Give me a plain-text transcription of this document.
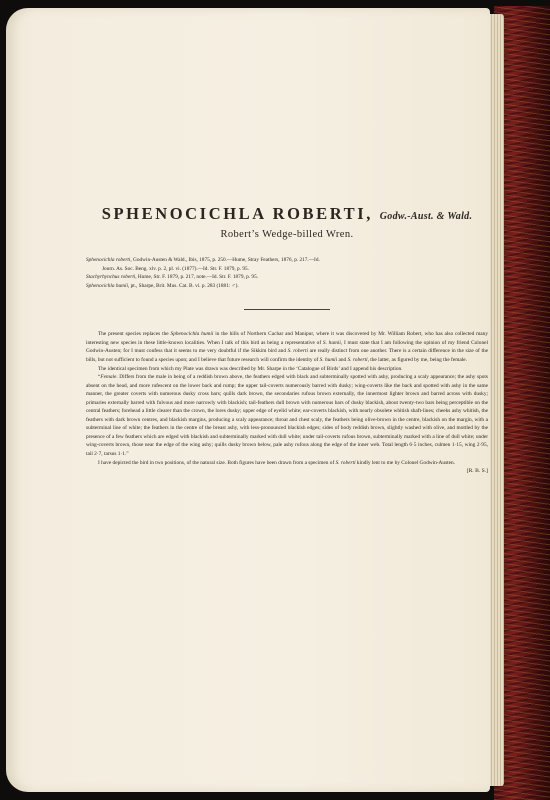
SPHENOCICHLA ROBERTI, Godw.-Aust. & Wald.
Robert’s Wedge-billed Wren.

Sphenocichla roberti, Godwin-Austen & Wald., Ibis, 1875, p. 250.—Hume, Stray Feathers, 1876, p. 217.—Id.

Journ. As. Soc. Beng. xlv. p. 2, pl. vi. (1877).—Id. Str. F. 1879, p. 95.

Stachyrhynchus roberti, Hume, Str. F. 1879, p. 217, note.—Id. Str. F. 1879, p. 95.

Sphenocichla humii, pt., Sharpe, Brit. Mus. Cat. B. vi. p. 283 (1881: ♂).

The present species replaces the Sphenocichla humii in the hills of Northern Cachar and Manipur, where it was discovered by Mr. William Robert, who has also collected many interesting new species in these little-known localities. When I talk of this bird as being a representative of S. humii, I must state that I am following the opinion of my friend Colonel Godwin-Austen; for I must confess that it seems to me very doubtful if the Sikkim bird and S. roberti are really distinct from one another. There is a certain difference in the size of the bills, but not sufficient to found a species upon; and I believe that future research will confirm the identity of S. humii and S. roberti, the latter, as figured by me, being the female.

The identical specimen from which my Plate was drawn was described by Mr. Sharpe in the ‘Catalogue of Birds’ and I append his description.

“Female. Differs from the male in being of a reddish brown above, the feathers edged with black and subterminally spotted with ashy, producing a scaly appearance; the ashy spots absent on the head, and more rufescent on the lower back and rump; the upper tail-coverts numerously barred with dusky; wing-coverts like the back and spotted with ashy in the same manner, the greater coverts with numerous dusky cross bars; quills dark brown, the secondaries rufous brown externally, the innermost lighter brown and barred across with dusky; primaries externally barred with fulvous and more narrowly with blackish; tail-feathers dull brown with numerous bars of dusky blackish, about twenty-two bars being perceptible on the central feathers; forehead a little clearer than the crown, the lores dusky; upper edge of eyelid white; ear-coverts blackish, with nearly obsolete whitish shaft-lines; cheeks ashy whitish, the feathers with dark brown centres, and blackish margins, producing a scaly appearance; throat and chest scaly, the feathers being olive-brown in the centre, blackish on the margin, with a subterminal line of white; the feathers in the centre of the breast ashy, with less-pronounced blackish edges; sides of body reddish brown, slightly washed with olive, and mottled by the presence of a few feathers which are edged with blackish and subterminally marked with dull white; under tail-coverts rufous brown, subterminally marked with a line of dull white; under wing-coverts brown, those near the edge of the wing ashy; quills dusky brown below, pale ashy rufous along the edge of the inner web. Total length 6·5 inches, culmen 1·15, wing 2·95, tail 2·7, tarsus 1·1.”

I have depicted the bird in two positions, of the natural size. Both figures have been drawn from a specimen of S. roberti kindly lent to me by Colonel Godwin-Austen.

[R. B. S.]
